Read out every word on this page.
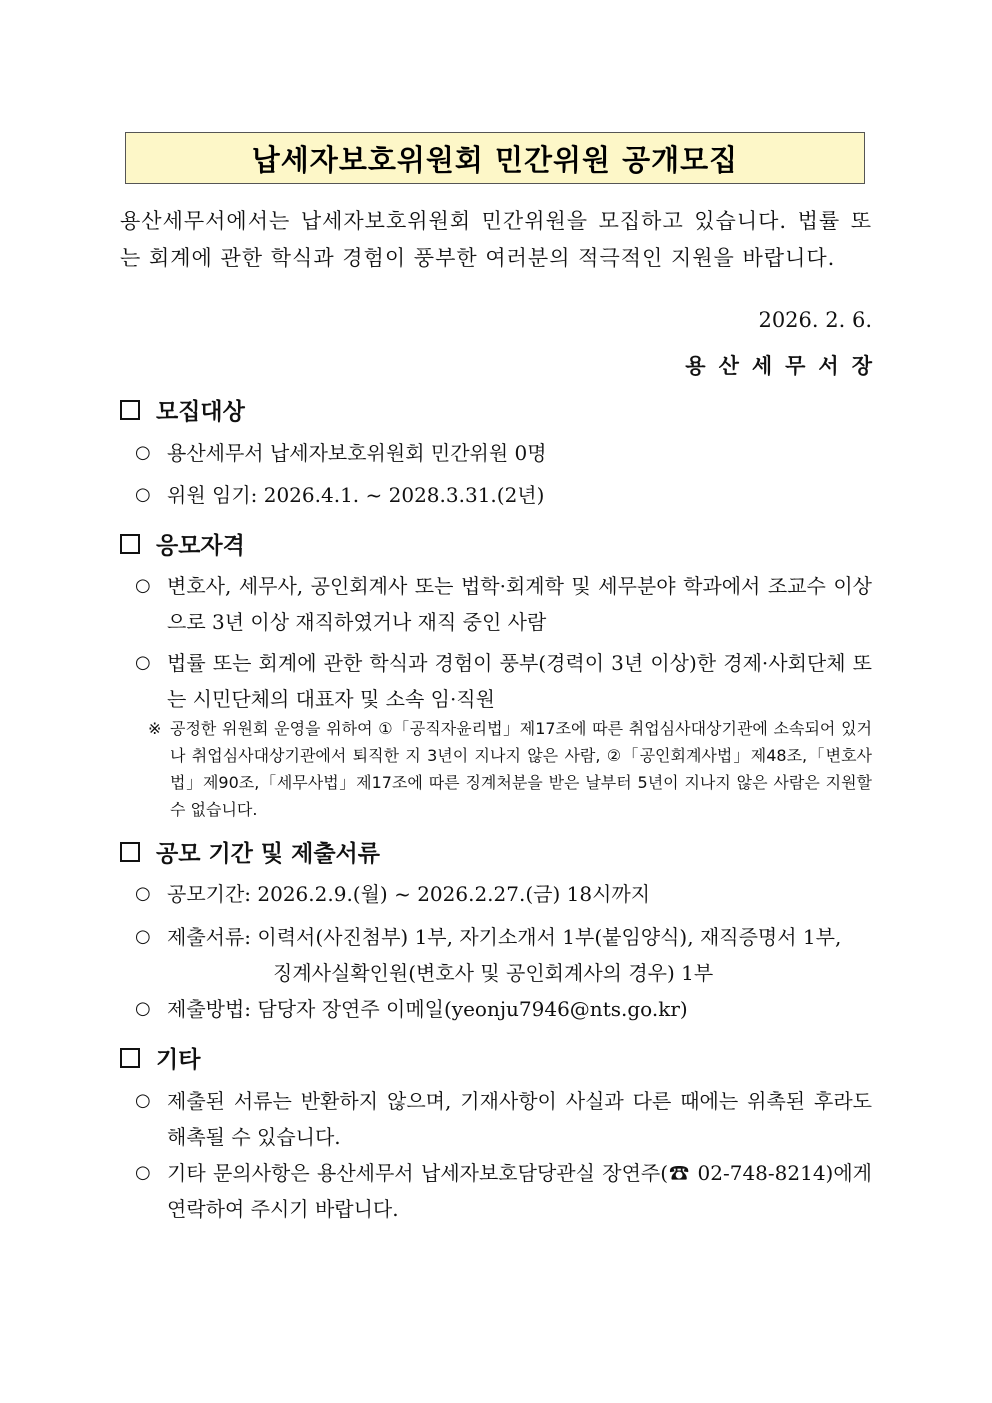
납세자보호위원회 민간위원 공개모집
용산세무서에서는 납세자보호위원회 민간위원을 모집하고 있습니다. 법률 또는 회계에 관한 학식과 경험이 풍부한 여러분의 적극적인 지원을 바랍니다.
2026. 2. 6.
용산세무서장
모집대상
○ 용산세무서 납세자보호위원회 민간위원 0명
○ 위원 임기: 2026.4.1. ~ 2028.3.31.(2년)
응모자격
○ 변호사, 세무사, 공인회계사 또는 법학·회계학 및 세무분야 학과에서 조교수 이상으로 3년 이상 재직하였거나 재직 중인 사람
○ 법률 또는 회계에 관한 학식과 경험이 풍부(경력이 3년 이상)한 경제·사회단체 또는 시민단체의 대표자 및 소속 임·직원
※ 공정한 위원회 운영을 위하여 ①「공직자윤리법」제17조에 따른 취업심사대상기관에 소속되어 있거나 취업심사대상기관에서 퇴직한 지 3년이 지나지 않은 사람, ②「공인회계사법」제48조,「변호사법」제90조,「세무사법」제17조에 따른 징계처분을 받은 날부터 5년이 지나지 않은 사람은 지원할 수 없습니다.
공모 기간 및 제출서류
○ 공모기간: 2026.2.9.(월) ~ 2026.2.27.(금) 18시까지
○ 제출서류: 이력서(사진첨부) 1부, 자기소개서 1부(붙임양식), 재직증명서 1부,
징계사실확인원(변호사 및 공인회계사의 경우) 1부
○ 제출방법: 담당자 장연주 이메일(yeonju7946@nts.go.kr)
기타
○ 제출된 서류는 반환하지 않으며, 기재사항이 사실과 다른 때에는 위촉된 후라도 해촉될 수 있습니다.
○ 기타 문의사항은 용산세무서 납세자보호담당관실 장연주(☎ 02-748-8214)에게 연락하여 주시기 바랍니다.
